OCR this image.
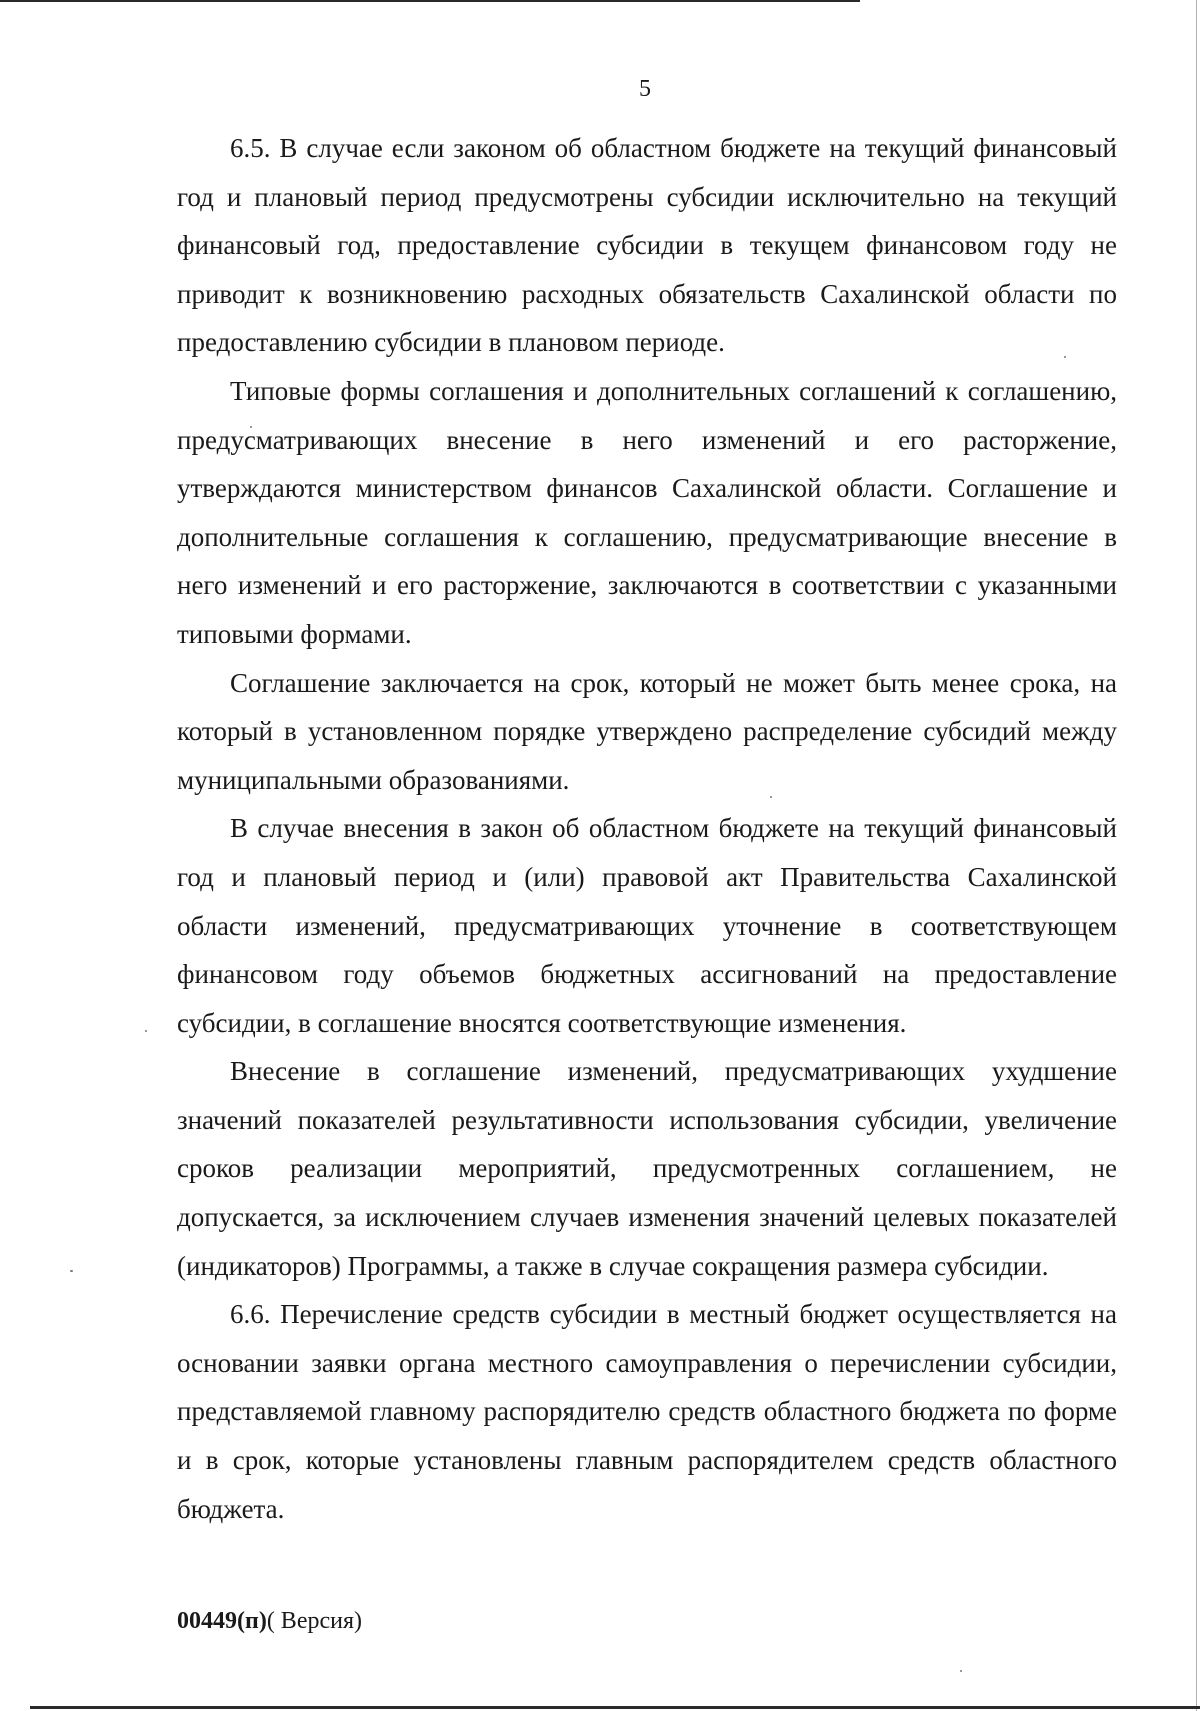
5

6.5. В случае если законом об областном бюджете на текущий финансовый год и плановый период предусмотрены субсидии исключительно на текущий финансовый год, предоставление субсидии в текущем финансовом году не приводит к возникновению расходных обязательств Сахалинской области по предоставлению субсидии в плановом периоде.

Типовые формы соглашения и дополнительных соглашений к соглашению, предусматривающих внесение в него изменений и его расторжение, утверждаются министерством финансов Сахалинской области. Соглашение и дополнительные соглашения к соглашению, предусматривающие внесение в него изменений и его расторжение, заключаются в соответствии с указанными типовыми формами.

Соглашение заключается на срок, который не может быть менее срока, на который в установленном порядке утверждено распределение субсидий между муниципальными образованиями.

В случае внесения в закон об областном бюджете на текущий финансовый год и плановый период и (или) правовой акт Правительства Сахалинской области изменений, предусматривающих уточнение в соответствующем финансовом году объемов бюджетных ассигнований на предоставление субсидии, в соглашение вносятся соответствующие изменения.

Внесение в соглашение изменений, предусматривающих ухудшение значений показателей результативности использования субсидии, увеличение сроков реализации мероприятий, предусмотренных соглашением, не допускается, за исключением случаев изменения значений целевых показателей (индикаторов) Программы, а также в случае сокращения размера субсидии.

6.6. Перечисление средств субсидии в местный бюджет осуществляется на основании заявки органа местного самоуправления о перечислении субсидии, представляемой главному распорядителю средств областного бюджета по форме и в срок, которые установлены главным распорядителем средств областного бюджета.

00449(п)( Версия)
